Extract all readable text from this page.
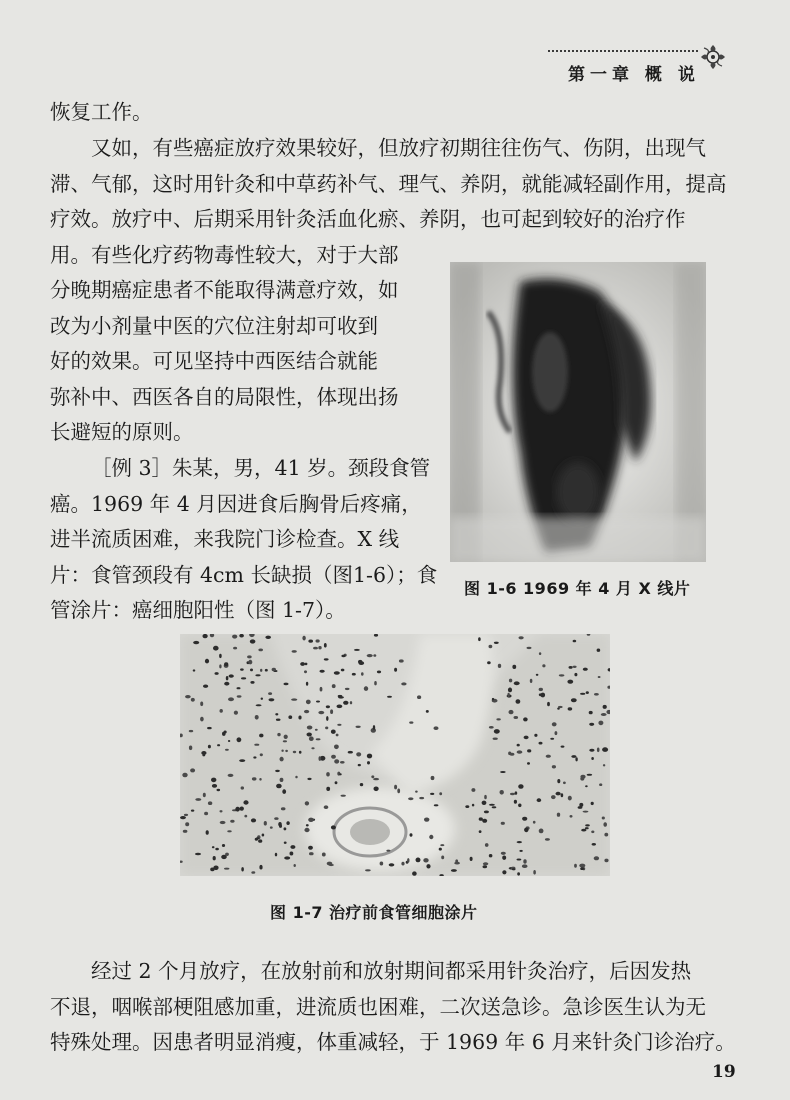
第一章 概 说
恢复工作。
又如，有些癌症放疗效果较好，但放疗初期往往伤气、伤阴，出现气
滞、气郁，这时用针灸和中草药补气、理气、养阴，就能减轻副作用，提高
疗效。放疗中、后期采用针灸活血化瘀、养阴，也可起到较好的治疗作
用。有些化疗药物毒性较大，对于大部
分晚期癌症患者不能取得满意疗效，如
改为小剂量中医的穴位注射却可收到
好的效果。可见坚持中西医结合就能
弥补中、西医各自的局限性，体现出扬
长避短的原则。
［例 3］朱某，男，41 岁。颈段食管
癌。1969 年 4 月因进食后胸骨后疼痛，
进半流质困难，来我院门诊检查。X 线
片：食管颈段有 4cm 长缺损（图1-6）；食
管涂片：癌细胞阳性（图 1-7）。
图 1-6 1969 年 4 月 X 线片
图 1-7 治疗前食管细胞涂片
经过 2 个月放疗，在放射前和放射期间都采用针灸治疗，后因发热
不退，咽喉部梗阻感加重，进流质也困难，二次送急诊。急诊医生认为无
特殊处理。因患者明显消瘦，体重减轻，于 1969 年 6 月来针灸门诊治疗。
19
